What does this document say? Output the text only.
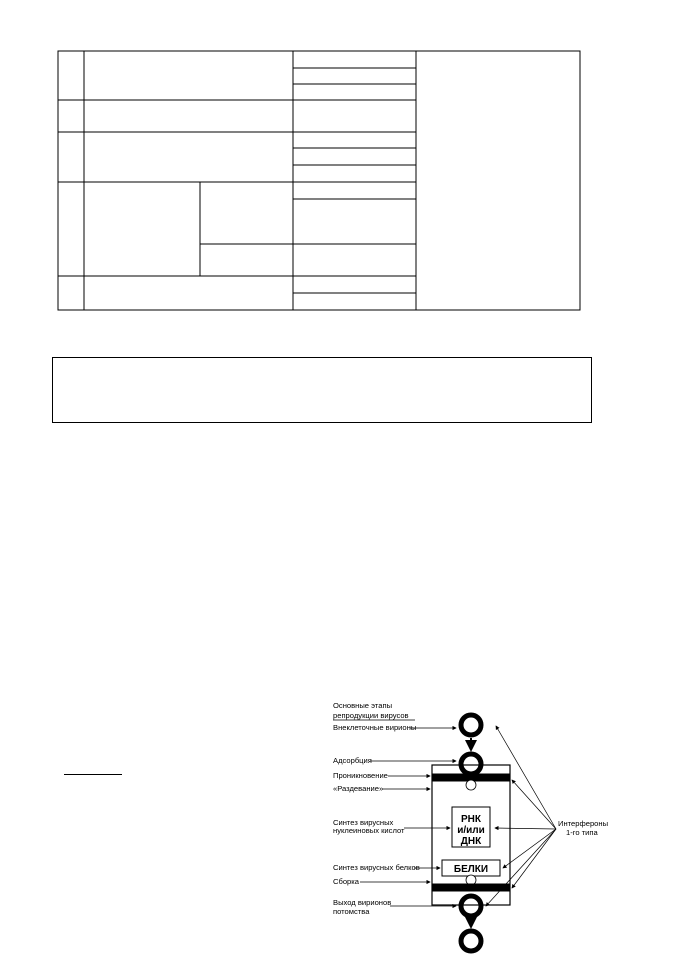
Основные этапы
репродукции вирусов
РНК
и/или
ДНК
БЕЛКИ
Внеклеточные вирионы
Адсорбция
Проникновение
«Раздевание»
Синтез вирусных
нуклеиновых кислот
Синтез вирусных белков
Сборка
Выход вирионов
потомства
Интерфероны
1-го типа
